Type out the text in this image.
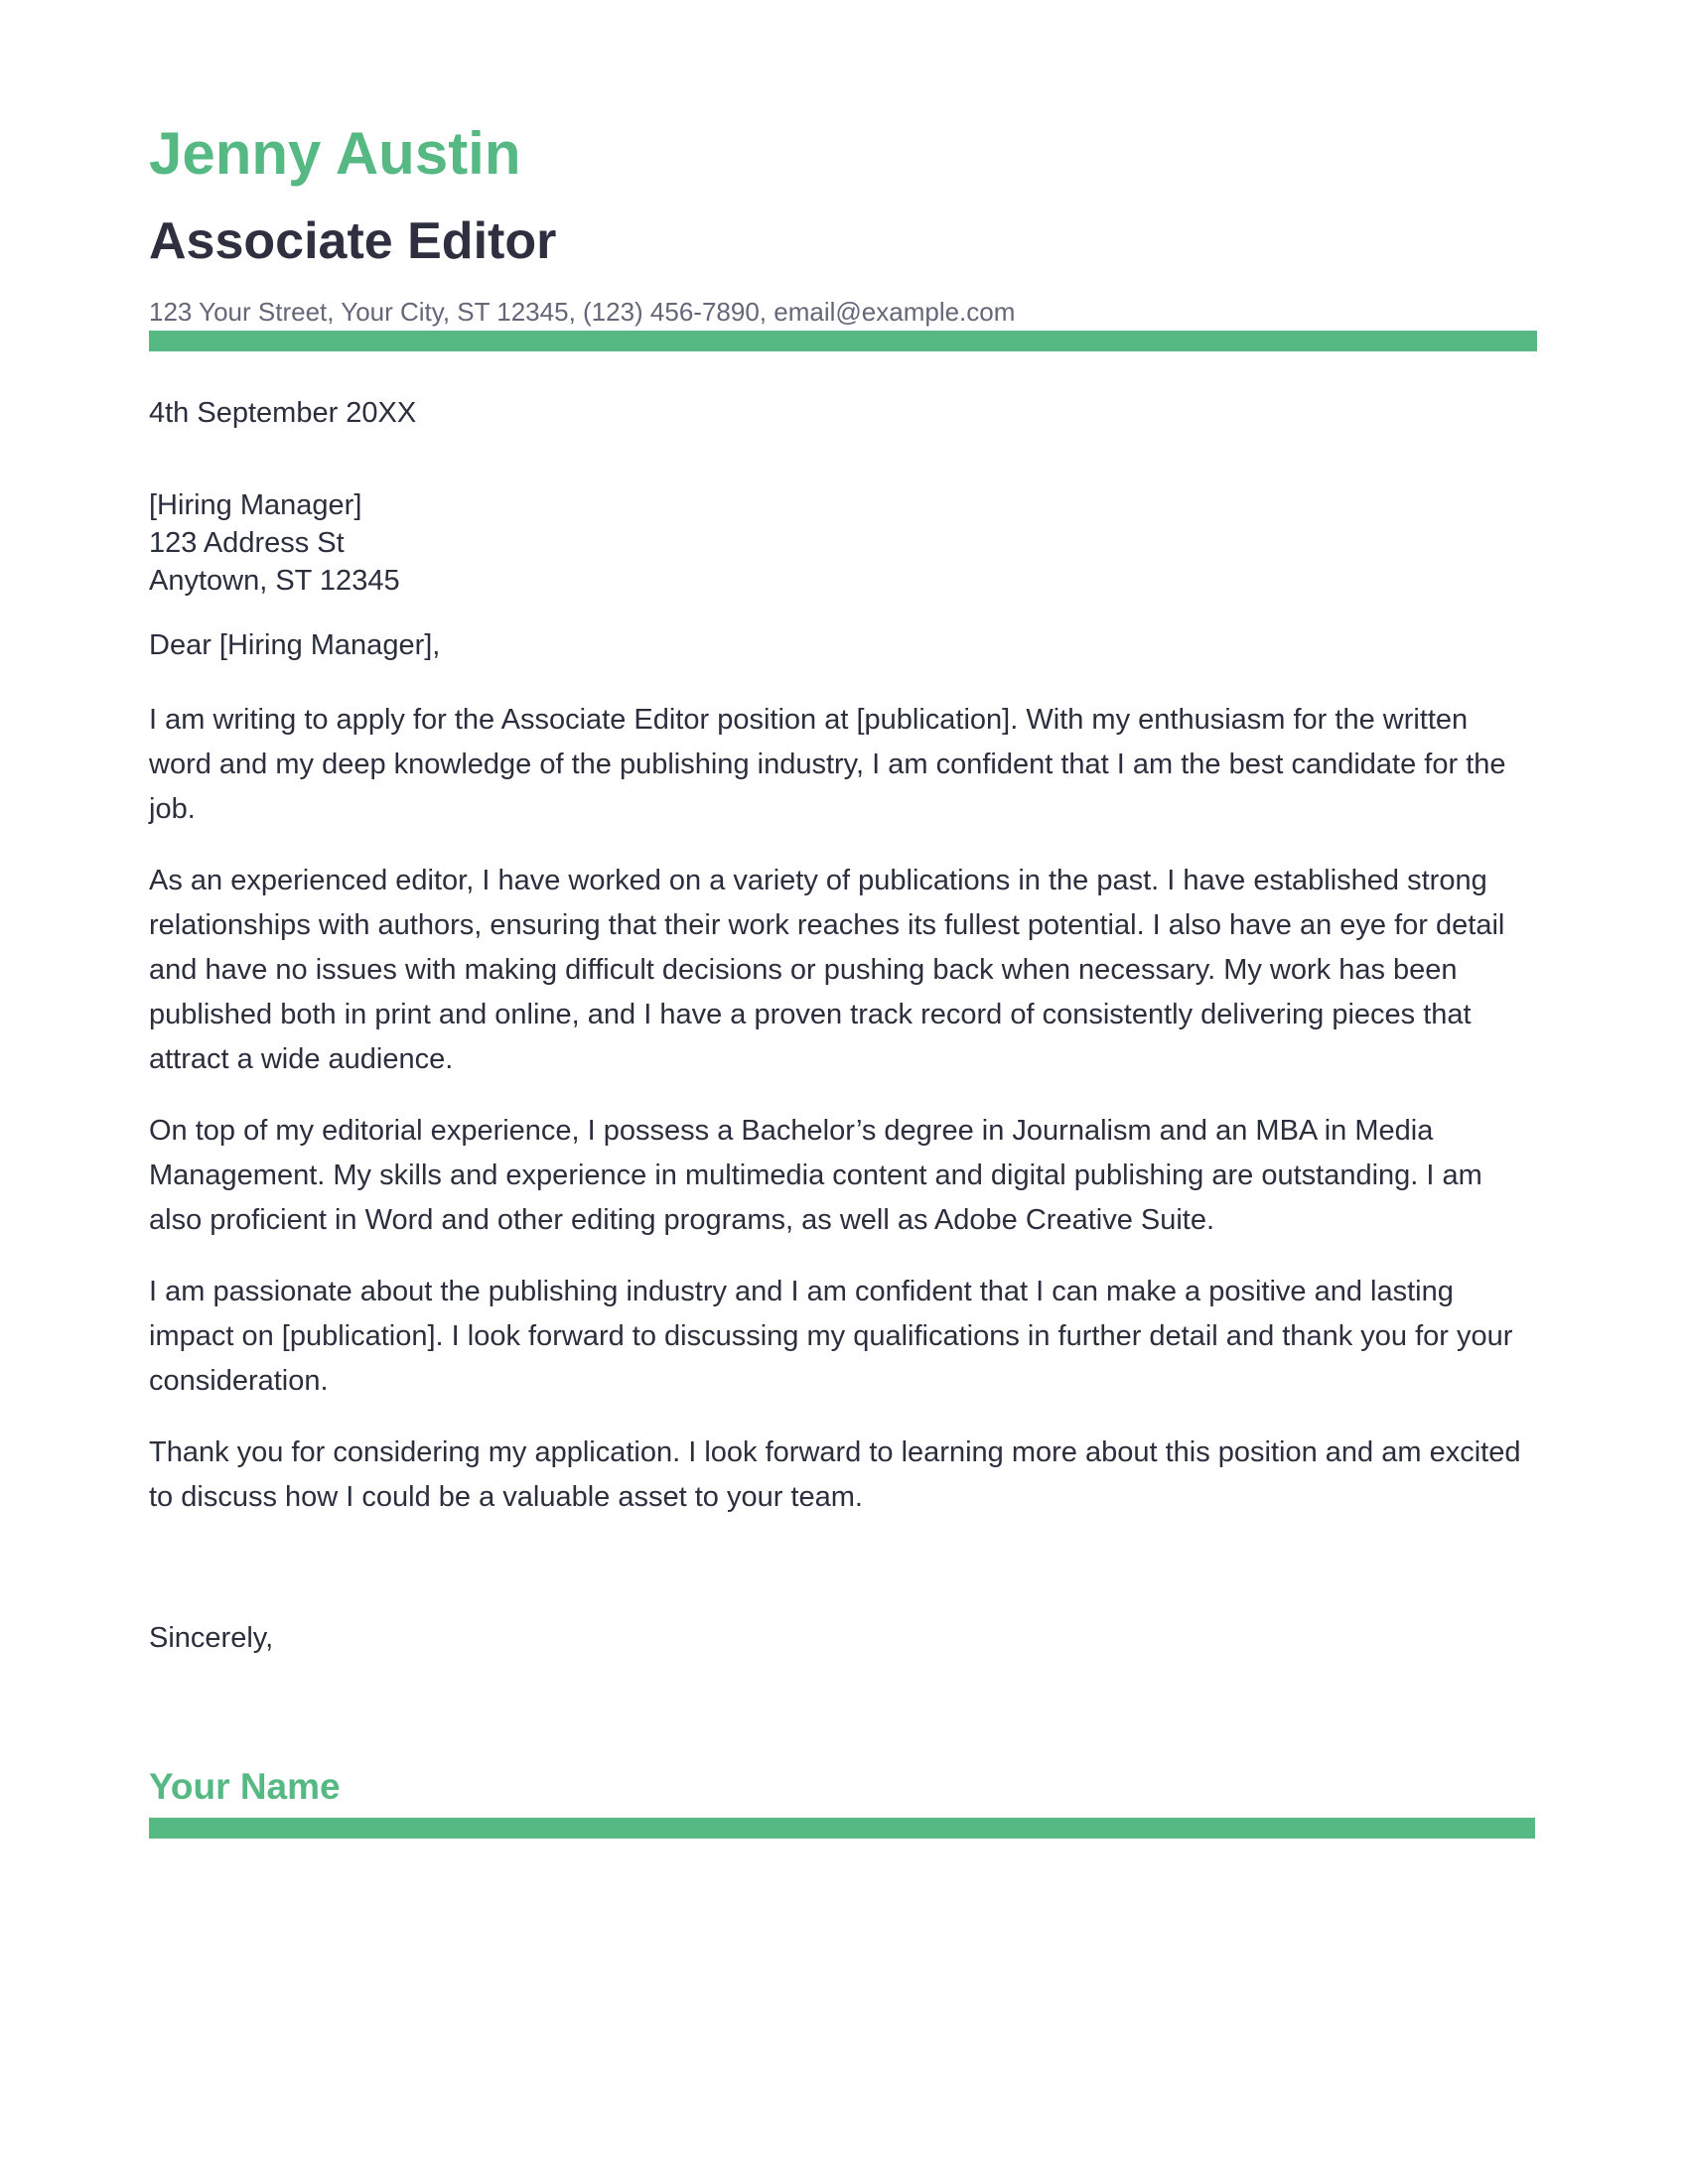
Jenny Austin
Associate Editor
123 Your Street, Your City, ST 12345, (123) 456-7890, email@example.com
4th September 20XX
[Hiring Manager]
123 Address St
Anytown, ST 12345
Dear [Hiring Manager],

I am writing to apply for the Associate Editor position at [publication]. With my enthusiasm for the written word and my deep knowledge of the publishing industry, I am confident that I am the best candidate for the job.

As an experienced editor, I have worked on a variety of publications in the past. I have established strong relationships with authors, ensuring that their work reaches its fullest potential. I also have an eye for detail and have no issues with making difficult decisions or pushing back when necessary. My work has been published both in print and online, and I have a proven track record of consistently delivering pieces that attract a wide audience.

On top of my editorial experience, I possess a Bachelor’s degree in Journalism and an MBA in Media Management. My skills and experience in multimedia content and digital publishing are outstanding. I am also proficient in Word and other editing programs, as well as Adobe Creative Suite.

I am passionate about the publishing industry and I am confident that I can make a positive and lasting impact on [publication]. I look forward to discussing my qualifications in further detail and thank you for your consideration.

Thank you for considering my application. I look forward to learning more about this position and am excited to discuss how I could be a valuable asset to your team.

Sincerely,
Your Name
